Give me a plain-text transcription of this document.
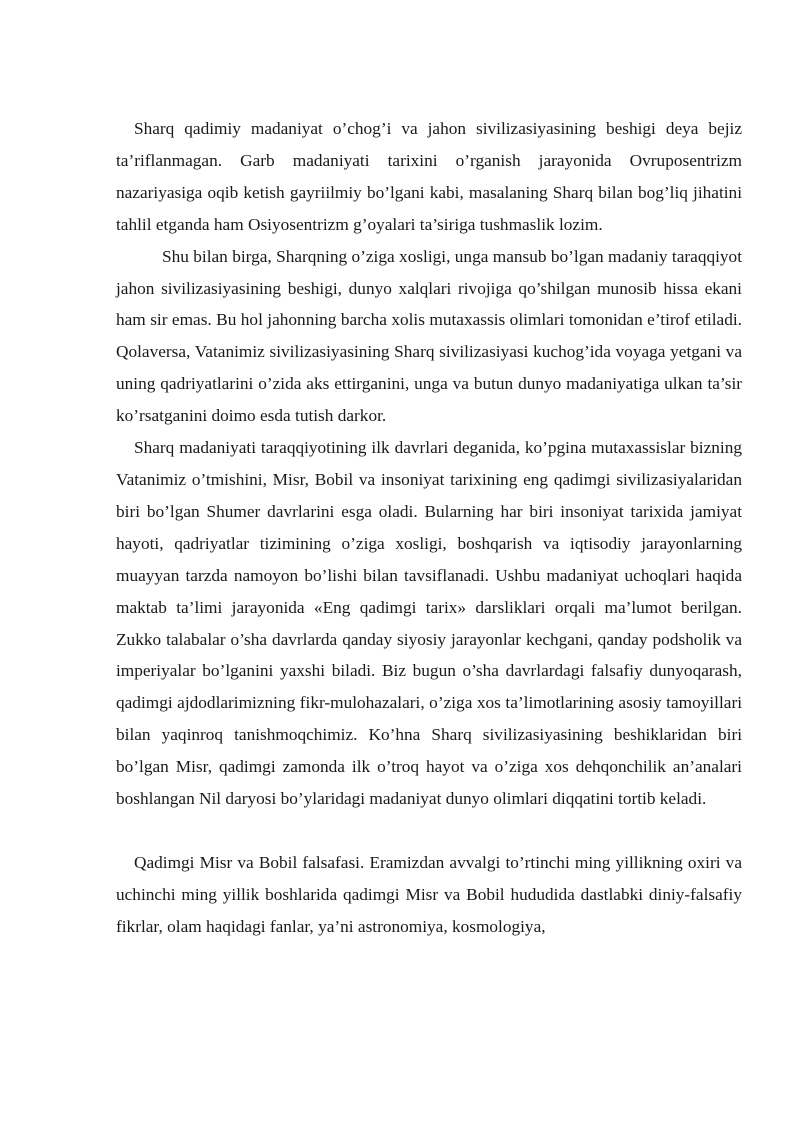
Sharq qadimiy madaniyat o’chog’i va jahon sivilizasiyasining beshigi deya bejiz ta’riflanmagan. Garb madaniyati tarixini o’rganish jarayonida Ovruposentrizm nazariyasiga oqib ketish gayriilmiy bo’lgani kabi, masalaning Sharq bilan bog’liq jihatini tahlil etganda ham Osiyosentrizm g’oyalari ta’siriga tushmaslik lozim.

Shu bilan birga, Sharqning o’ziga xosligi, unga mansub bo’lgan madaniy taraqqiyot jahon sivilizasiyasining beshigi, dunyo xalqlari rivojiga qo’shilgan munosib hissa ekani ham sir emas. Bu hol jahonning barcha xolis mutaxassis olimlari tomonidan e’tirof etiladi. Qolaversa, Vatanimiz sivilizasiyasining Sharq sivilizasiyasi kuchog’ida voyaga yetgani va uning qadriyatlarini o’zida aks ettirganini, unga va butun dunyo madaniyatiga ulkan ta’sir ko’rsatganini doimo esda tutish darkor.

Sharq madaniyati taraqqiyotining ilk davrlari deganida, ko’pgina mutaxassislar bizning Vatanimiz o’tmishini, Misr, Bobil va insoniyat tarixining eng qadimgi sivilizasiyalaridan biri bo’lgan Shumer davrlarini esga oladi. Bularning har biri insoniyat tarixida jamiyat hayoti, qadriyatlar tizimining o’ziga xosligi, boshqarish va iqtisodiy jarayonlarning muayyan tarzda namoyon bo’lishi bilan tavsiflanadi. Ushbu madaniyat uchoqlari haqida maktab ta’limi jarayonida «Eng qadimgi tarix» darsliklari orqali ma’lumot berilgan. Zukko talabalar o’sha davrlarda qanday siyosiy jarayonlar kechgani, qanday podsholik va imperiyalar bo’lganini yaxshi biladi. Biz bugun o’sha davrlardagi falsafiy dunyoqarash, qadimgi ajdodlarimizning fikr-mulohazalari, o’ziga xos ta’limotlarining asosiy tamoyillari bilan yaqinroq tanishmoqchimiz. Ko’hna Sharq sivilizasiyasining beshiklaridan biri bo’lgan Misr, qadimgi zamonda ilk o’troq hayot va o’ziga xos dehqonchilik an’analari boshlangan Nil daryosi bo’ylaridagi madaniyat dunyo olimlari diqqatini tortib keladi.

Qadimgi Misr va Bobil falsafasi. Eramizdan avvalgi to’rtinchi ming yillikning oxiri va uchinchi ming yillik boshlarida qadimgi Misr va Bobil hududida dastlabki diniy-falsafiy fikrlar, olam haqidagi fanlar, ya’ni astronomiya, kosmologiya,
